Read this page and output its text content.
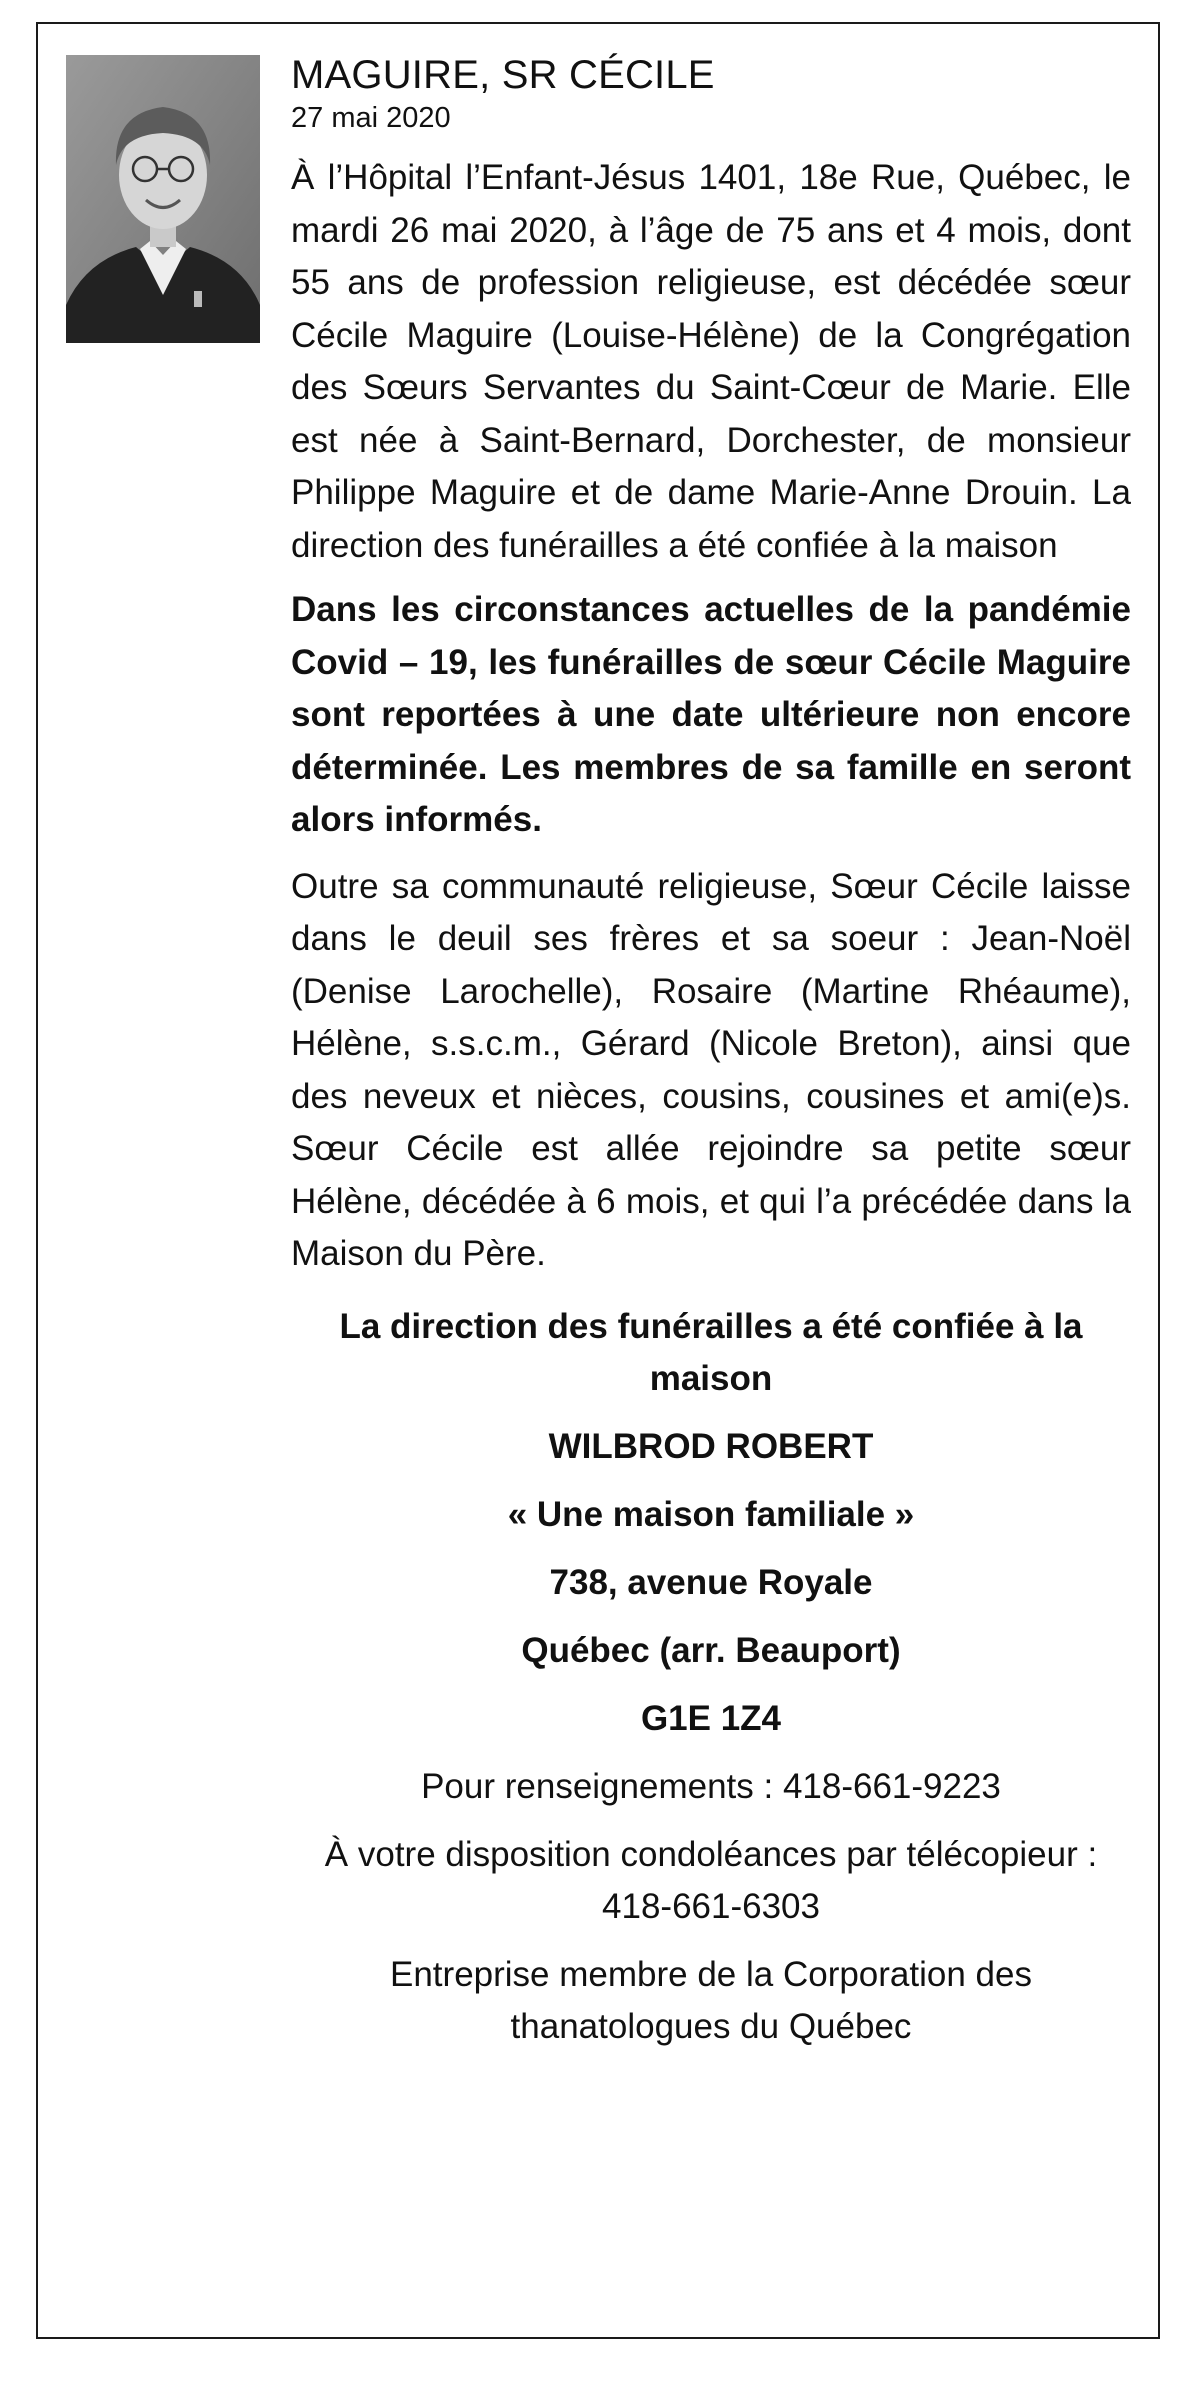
MAGUIRE, SR CÉCILE

27 mai 2020

À l’Hôpital l’Enfant-Jésus 1401, 18e Rue, Québec, le mardi 26 mai 2020, à l’âge de 75 ans et 4 mois, dont 55 ans de profession religieuse, est décédée sœur Cécile Maguire (Louise-Hélène) de la Congrégation des Sœurs Servantes du Saint-Cœur de Marie. Elle est née à Saint-Bernard, Dorchester, de monsieur Philippe Maguire et de dame Marie-Anne Drouin. La direction des funérailles a été confiée à la maison

Dans les circonstances actuelles de la pandémie Covid – 19, les funérailles de sœur Cécile Maguire sont reportées à une date ultérieure non encore déterminée. Les membres de sa famille en seront alors informés.

Outre sa communauté religieuse, Sœur Cécile laisse dans le deuil ses frères et sa soeur : Jean-Noël (Denise Larochelle), Rosaire (Martine Rhéaume), Hélène, s.s.c.m., Gérard (Nicole Breton), ainsi que des neveux et nièces, cousins, cousines et ami(e)s. Sœur Cécile est allée rejoindre sa petite sœur Hélène, décédée à 6 mois, et qui l’a précédée dans la Maison du Père.

La direction des funérailles a été confiée à la maison

WILBROD ROBERT

« Une maison familiale »

738, avenue Royale

Québec (arr. Beauport)

G1E 1Z4

Pour renseignements : 418-661-9223

À votre disposition condoléances par télécopieur :

418-661-6303

Entreprise membre de la Corporation des thanatologues du Québec
